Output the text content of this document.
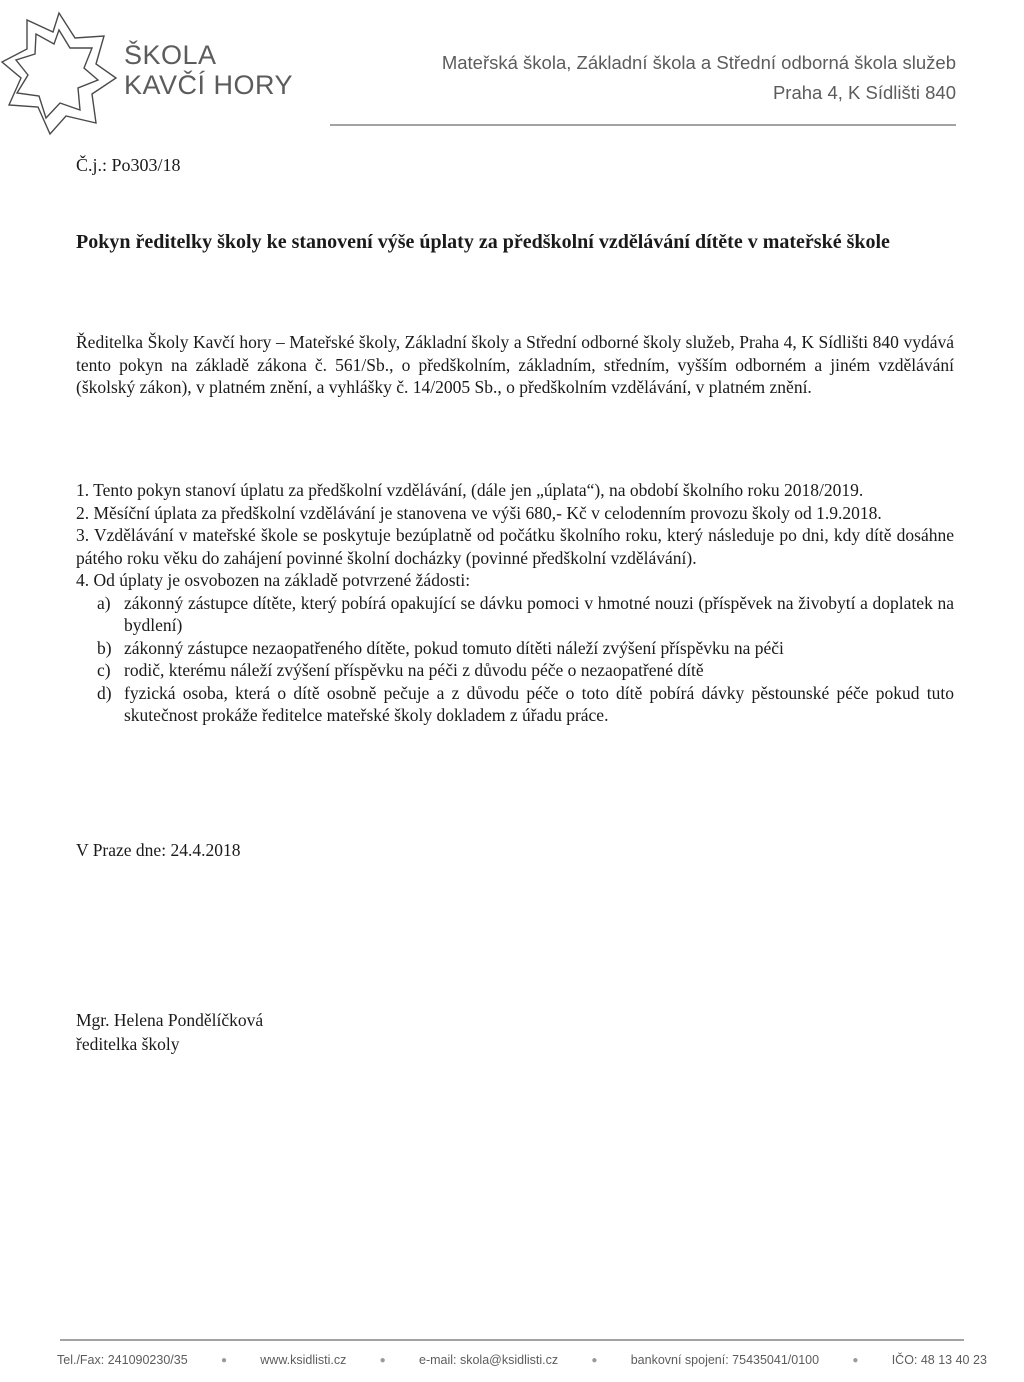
ŠKOLA
KAVČÍ HORY
Mateřská škola, Základní škola a Střední odborná škola služeb
Praha 4, K Sídlišti 840
Č.j.: Po303/18
Pokyn ředitelky školy ke stanovení výše úplaty za předškolní vzdělávání dítěte v mateřské škole
Ředitelka Školy Kavčí hory – Mateřské školy, Základní školy a Střední odborné školy služeb, Praha 4, K Sídlišti 840 vydává tento pokyn na základě zákona č. 561/Sb., o předškolním, základním, středním, vyšším odborném a jiném vzdělávání (školský zákon), v platném znění, a vyhlášky č. 14/2005 Sb., o předškolním vzdělávání, v platném znění.
1. Tento pokyn stanoví úplatu za předškolní vzdělávání, (dále jen „úplata“), na období školního roku 2018/2019.
2. Měsíční úplata za předškolní vzdělávání je stanovena ve výši 680,- Kč v celodenním provozu školy od 1.9.2018.
3. Vzdělávání v mateřské škole se poskytuje bezúplatně od počátku školního roku, který následuje po dni, kdy dítě dosáhne pátého roku věku do zahájení povinné školní docházky (povinné předškolní vzdělávání).
4. Od úplaty je osvobozen na základě potvrzené žádosti:
a) zákonný zástupce dítěte, který pobírá opakující se dávku pomoci v hmotné nouzi (příspěvek na živobytí a doplatek na bydlení)
b) zákonný zástupce nezaopatřeného dítěte, pokud tomuto dítěti náleží zvýšení příspěvku na péči
c) rodič, kterému náleží zvýšení příspěvku na péči z důvodu péče o nezaopatřené dítě
d) fyzická osoba, která o dítě osobně pečuje a z důvodu péče o toto dítě pobírá dávky pěstounské péče pokud tuto skutečnost prokáže ředitelce mateřské školy dokladem z úřadu práce.
V Praze dne: 24.4.2018
Mgr. Helena Pondělíčková
ředitelka školy
Tel./Fax: 241090230/35	●	www.ksidlisti.cz	●	e-mail: skola@ksidlisti.cz	●	bankovní spojení: 75435041/0100	●	IČO: 48 13 40 23
